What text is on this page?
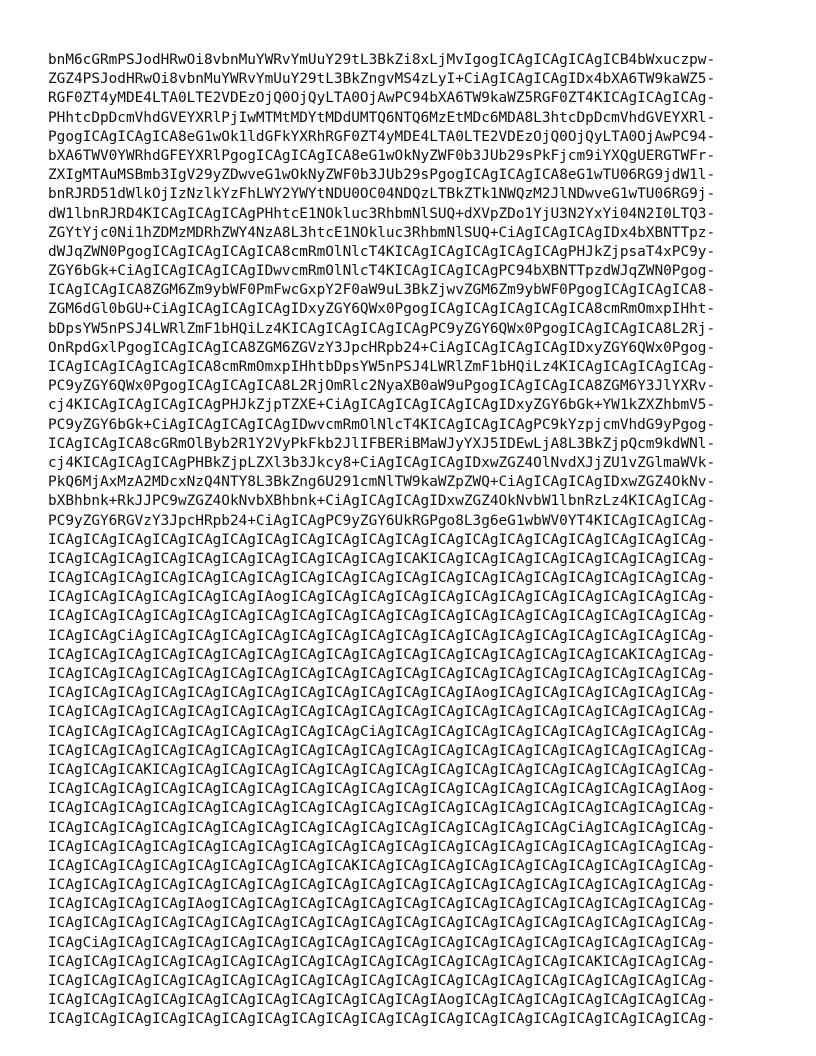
bnM6cGRmPSJodHRwOi8vbnMuYWRvYmUuY29tL3BkZi8xLjMvIgogICAgICAgICAgICB4bWxuczpw-
ZGZ4PSJodHRwOi8vbnMuYWRvYmUuY29tL3BkZngvMS4zLyI+CiAgICAgICAgIDx4bXA6TW9kaWZ5-
RGF0ZT4yMDE4LTA0LTE2VDEzOjQ0OjQyLTA0OjAwPC94bXA6TW9kaWZ5RGF0ZT4KICAgICAgICAg-
PHhtcDpDcmVhdGVEYXRlPjIwMTMtMDYtMDdUMTQ6NTQ6MzEtMDc6MDA8L3htcDpDcmVhdGVEYXRl-
PgogICAgICAgICA8eG1wOk1ldGFkYXRhRGF0ZT4yMDE4LTA0LTE2VDEzOjQ0OjQyLTA0OjAwPC94-
bXA6TWV0YWRhdGFEYXRlPgogICAgICAgICA8eG1wOkNyZWF0b3JUb29sPkFjcm9iYXQgUERGTWFr-
ZXIgMTAuMSBmb3IgV29yZDwveG1wOkNyZWF0b3JUb29sPgogICAgICAgICA8eG1wTU06RG9jdW1l-
bnRJRD51dWlkOjIzNzlkYzFhLWY2YWYtNDU0OC04NDQzLTBkZTk1NWQzM2JlNDwveG1wTU06RG9j-
dW1lbnRJRD4KICAgICAgICAgPHhtcE1NOkluc3RhbmNlSUQ+dXVpZDo1YjU3N2YxYi04N2I0LTQ3-
ZGYtYjc0Ni1hZDMzMDRhZWY4NzA8L3htcE1NOkluc3RhbmNlSUQ+CiAgICAgICAgIDx4bXBNTTpz-
dWJqZWN0PgogICAgICAgICAgICA8cmRmOlNlcT4KICAgICAgICAgICAgICAgPHJkZjpsaT4xPC9y-
ZGY6bGk+CiAgICAgICAgICAgIDwvcmRmOlNlcT4KICAgICAgICAgPC94bXBNTTpzdWJqZWN0Pgog-
ICAgICAgICA8ZGM6Zm9ybWF0PmFwcGxpY2F0aW9uL3BkZjwvZGM6Zm9ybWF0PgogICAgICAgICA8-
ZGM6dGl0bGU+CiAgICAgICAgICAgIDxyZGY6QWx0PgogICAgICAgICAgICAgICA8cmRmOmxpIHht-
bDpsYW5nPSJ4LWRlZmF1bHQiLz4KICAgICAgICAgICAgPC9yZGY6QWx0PgogICAgICAgICA8L2Rj-
OnRpdGxlPgogICAgICAgICA8ZGM6ZGVzY3JpcHRpb24+CiAgICAgICAgICAgIDxyZGY6QWx0Pgog-
ICAgICAgICAgICAgICA8cmRmOmxpIHhtbDpsYW5nPSJ4LWRlZmF1bHQiLz4KICAgICAgICAgICAg-
PC9yZGY6QWx0PgogICAgICAgICA8L2RjOmRlc2NyaXB0aW9uPgogICAgICAgICA8ZGM6Y3JlYXRv-
cj4KICAgICAgICAgICAgPHJkZjpTZXE+CiAgICAgICAgICAgICAgIDxyZGY6bGk+YW1kZXZhbmV5-
PC9yZGY6bGk+CiAgICAgICAgICAgIDwvcmRmOlNlcT4KICAgICAgICAgPC9kYzpjcmVhdG9yPgog-
ICAgICAgICA8cGRmOlByb2R1Y2VyPkFkb2JlIFBERiBMaWJyYXJ5IDEwLjA8L3BkZjpQcm9kdWNl-
cj4KICAgICAgICAgPHBkZjpLZXl3b3Jkcy8+CiAgICAgICAgIDxwZGZ4OlNvdXJjZU1vZGlmaWVk-
PkQ6MjAxMzA2MDcxNzQ4NTY8L3BkZng6U291cmNlTW9kaWZpZWQ+CiAgICAgICAgIDxwZGZ4OkNv-
bXBhbnk+RkJJPC9wZGZ4OkNvbXBhbnk+CiAgICAgICAgIDxwZGZ4OkNvbW1lbnRzLz4KICAgICAg-
PC9yZGY6RGVzY3JpcHRpb24+CiAgICAgPC9yZGY6UkRGPgo8L3g6eG1wbWV0YT4KICAgICAgICAg-
ICAgICAgICAgICAgICAgICAgICAgICAgICAgICAgICAgICAgICAgICAgICAgICAgICAgICAgICAg-
ICAgICAgICAgICAgICAgICAgICAgICAgICAgICAgICAKICAgICAgICAgICAgICAgICAgICAgICAg-
ICAgICAgICAgICAgICAgICAgICAgICAgICAgICAgICAgICAgICAgICAgICAgICAgICAgICAgICAg-
ICAgICAgICAgICAgICAgICAgIAogICAgICAgICAgICAgICAgICAgICAgICAgICAgICAgICAgICAg-
ICAgICAgICAgICAgICAgICAgICAgICAgICAgICAgICAgICAgICAgICAgICAgICAgICAgICAgICAg-
ICAgICAgCiAgICAgICAgICAgICAgICAgICAgICAgICAgICAgICAgICAgICAgICAgICAgICAgICAg-
ICAgICAgICAgICAgICAgICAgICAgICAgICAgICAgICAgICAgICAgICAgICAgICAgICAKICAgICAg-
ICAgICAgICAgICAgICAgICAgICAgICAgICAgICAgICAgICAgICAgICAgICAgICAgICAgICAgICAg-
ICAgICAgICAgICAgICAgICAgICAgICAgICAgICAgICAgICAgIAogICAgICAgICAgICAgICAgICAg-
ICAgICAgICAgICAgICAgICAgICAgICAgICAgICAgICAgICAgICAgICAgICAgICAgICAgICAgICAg-
ICAgICAgICAgICAgICAgICAgICAgICAgICAgCiAgICAgICAgICAgICAgICAgICAgICAgICAgICAg-
ICAgICAgICAgICAgICAgICAgICAgICAgICAgICAgICAgICAgICAgICAgICAgICAgICAgICAgICAg-
ICAgICAgICAKICAgICAgICAgICAgICAgICAgICAgICAgICAgICAgICAgICAgICAgICAgICAgICAg-
ICAgICAgICAgICAgICAgICAgICAgICAgICAgICAgICAgICAgICAgICAgICAgICAgICAgICAgIAog-
ICAgICAgICAgICAgICAgICAgICAgICAgICAgICAgICAgICAgICAgICAgICAgICAgICAgICAgICAg-
ICAgICAgICAgICAgICAgICAgICAgICAgICAgICAgICAgICAgICAgICAgICAgCiAgICAgICAgICAg-
ICAgICAgICAgICAgICAgICAgICAgICAgICAgICAgICAgICAgICAgICAgICAgICAgICAgICAgICAg-
ICAgICAgICAgICAgICAgICAgICAgICAgICAKICAgICAgICAgICAgICAgICAgICAgICAgICAgICAg-
ICAgICAgICAgICAgICAgICAgICAgICAgICAgICAgICAgICAgICAgICAgICAgICAgICAgICAgICAg-
ICAgICAgICAgICAgIAogICAgICAgICAgICAgICAgICAgICAgICAgICAgICAgICAgICAgICAgICAg-
ICAgICAgICAgICAgICAgICAgICAgICAgICAgICAgICAgICAgICAgICAgICAgICAgICAgICAgICAg-
ICAgCiAgICAgICAgICAgICAgICAgICAgICAgICAgICAgICAgICAgICAgICAgICAgICAgICAgICAg-
ICAgICAgICAgICAgICAgICAgICAgICAgICAgICAgICAgICAgICAgICAgICAgICAKICAgICAgICAg-
ICAgICAgICAgICAgICAgICAgICAgICAgICAgICAgICAgICAgICAgICAgICAgICAgICAgICAgICAg-
ICAgICAgICAgICAgICAgICAgICAgICAgICAgICAgICAgIAogICAgICAgICAgICAgICAgICAgICAg-
ICAgICAgICAgICAgICAgICAgICAgICAgICAgICAgICAgICAgICAgICAgICAgICAgICAgICAgICAg-
